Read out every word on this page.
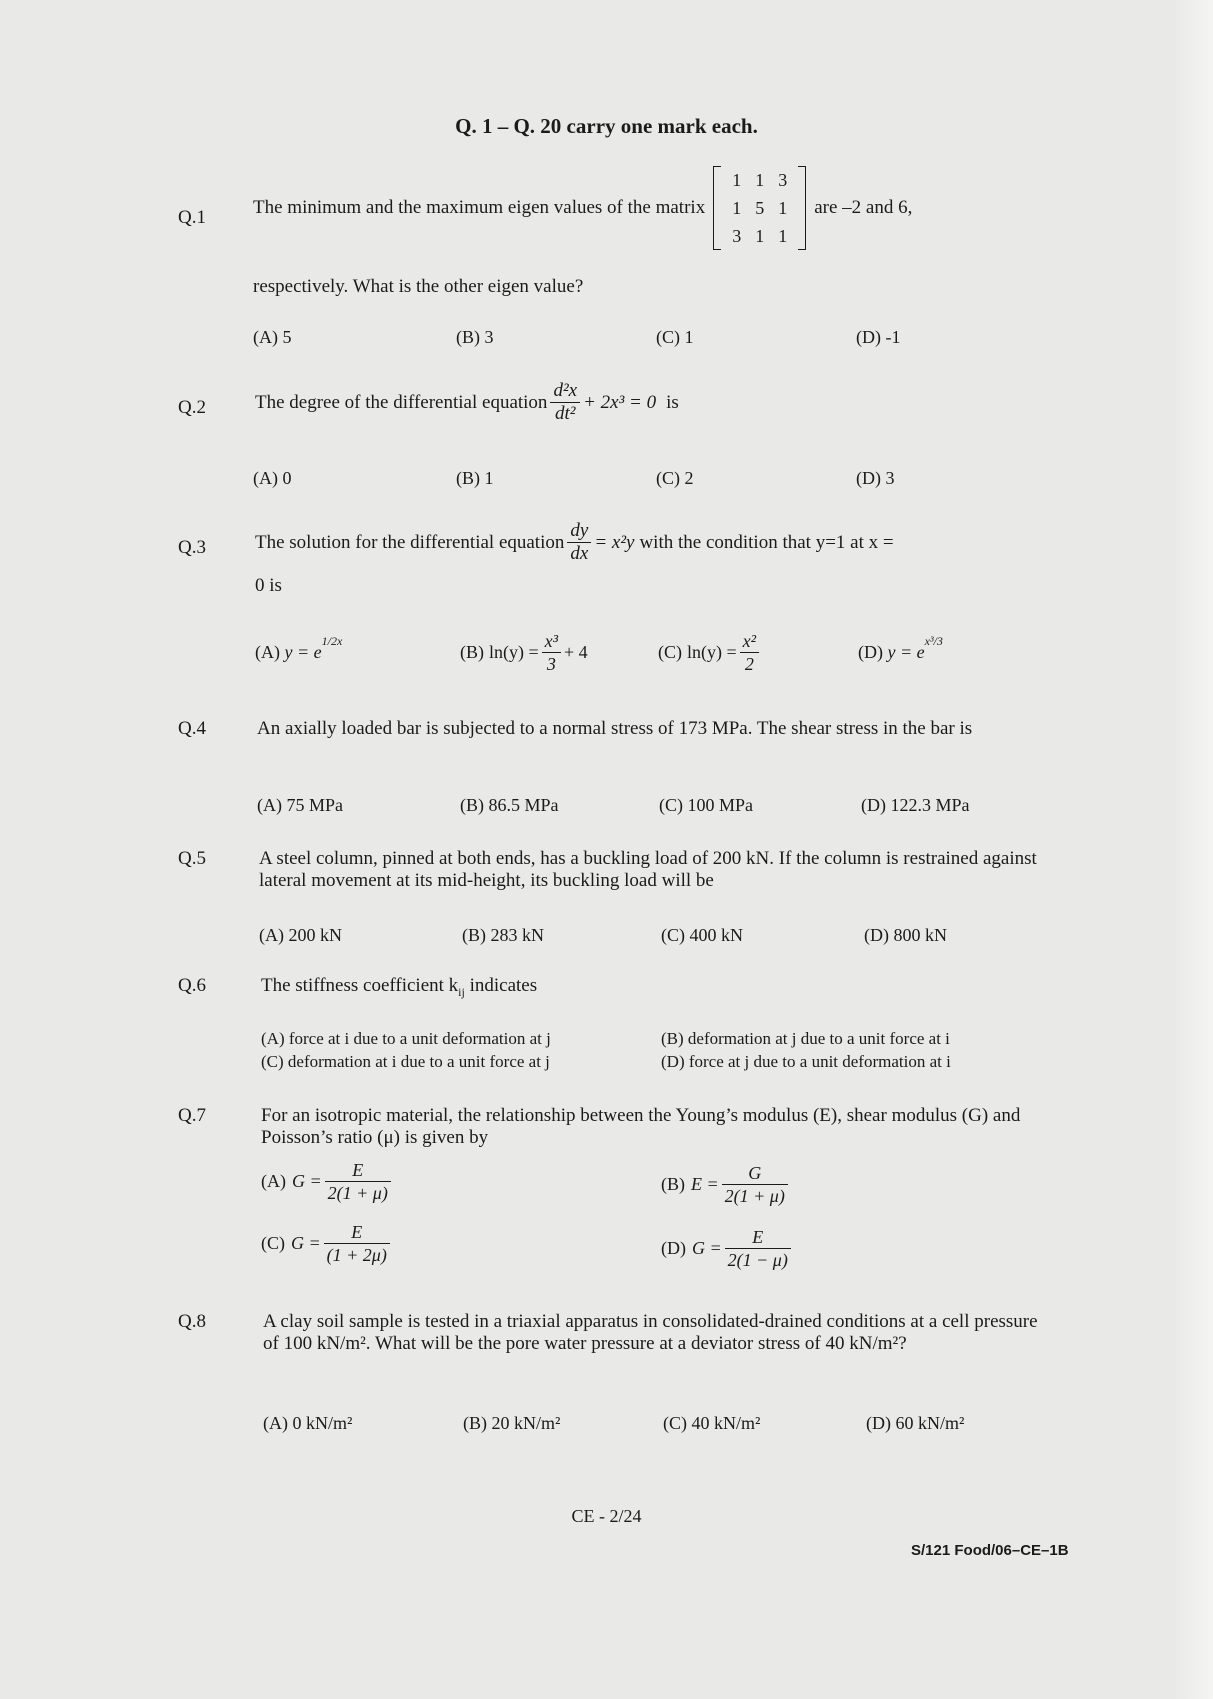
Q. 1 – Q. 20 carry one mark each.
Q.1 The minimum and the maximum eigen values of the matrix
1	1	3
1	5	1
3	1	1
are –2 and 6,
respectively. What is the other eigen value?
(A) 5	(B) 3	(C) 1	(D) -1
Q.2	The degree of the differential equation $\frac{\text{d²x}}{\text{dt²}} + 2x^3 = 0$ is
(A) 0	(B) 1	(C) 2	(D) 3
Q.3	The solution for the differential equation $\frac{dy}{dx} = x^2y$ with the condition that y=1 at x =
0 is
(A) $y = e^{1/2x}$
(B) $\ln(y) = \frac{\text{x³}}{3} + 4$	(C) $\ln(y) = \frac{\text{x²}}{2}$	(D) $y = e^{x^3/3}$
Q.4	An axially loaded bar is subjected to a normal stress of 173 MPa. The shear stress in the bar is
(A) 75 MPa	(B) 86.5 MPa	(C) 100 MPa	(D) 122.3 MPa
Q.5	A steel column, pinned at both ends, has a buckling load of 200 kN. If the column is restrained against lateral movement at its mid-height, its buckling load will be
(A) 200 kN	(B) 283 kN	(C) 400 kN	(D) 800 kN
Q.6	The stiffness coefficient $k_{ij}$ indicates
(A) force at i due to a unit deformation at j	(B) deformation at j due to a unit force at i
(C) deformation at i due to a unit force at j	(D) force at j due to a unit deformation at i
Q.7	For an isotropic material, the relationship between the Young’s modulus (E), shear modulus (G) and Poisson’s ratio (μ) is given by
(A) $G = \frac{E}{2(1 + \mu)}$	(B) $E = \frac{G}{2(1 + \mu)}$
(C) $G = \frac{E}{(1 + 2\mu)}$	(D) $G = \frac{E}{2(1 - \mu)}$
Q.8	A clay soil sample is tested in a triaxial apparatus in consolidated-drained conditions at a cell pressure of 100 kN/m². What will be the pore water pressure at a deviator stress of 40 kN/m²?
(A) 0 kN/m²	(B) 20 kN/m²	(C) 40 kN/m²	(D) 60 kN/m²
CE - 2/24
S/121 Food/06–CE–1B
